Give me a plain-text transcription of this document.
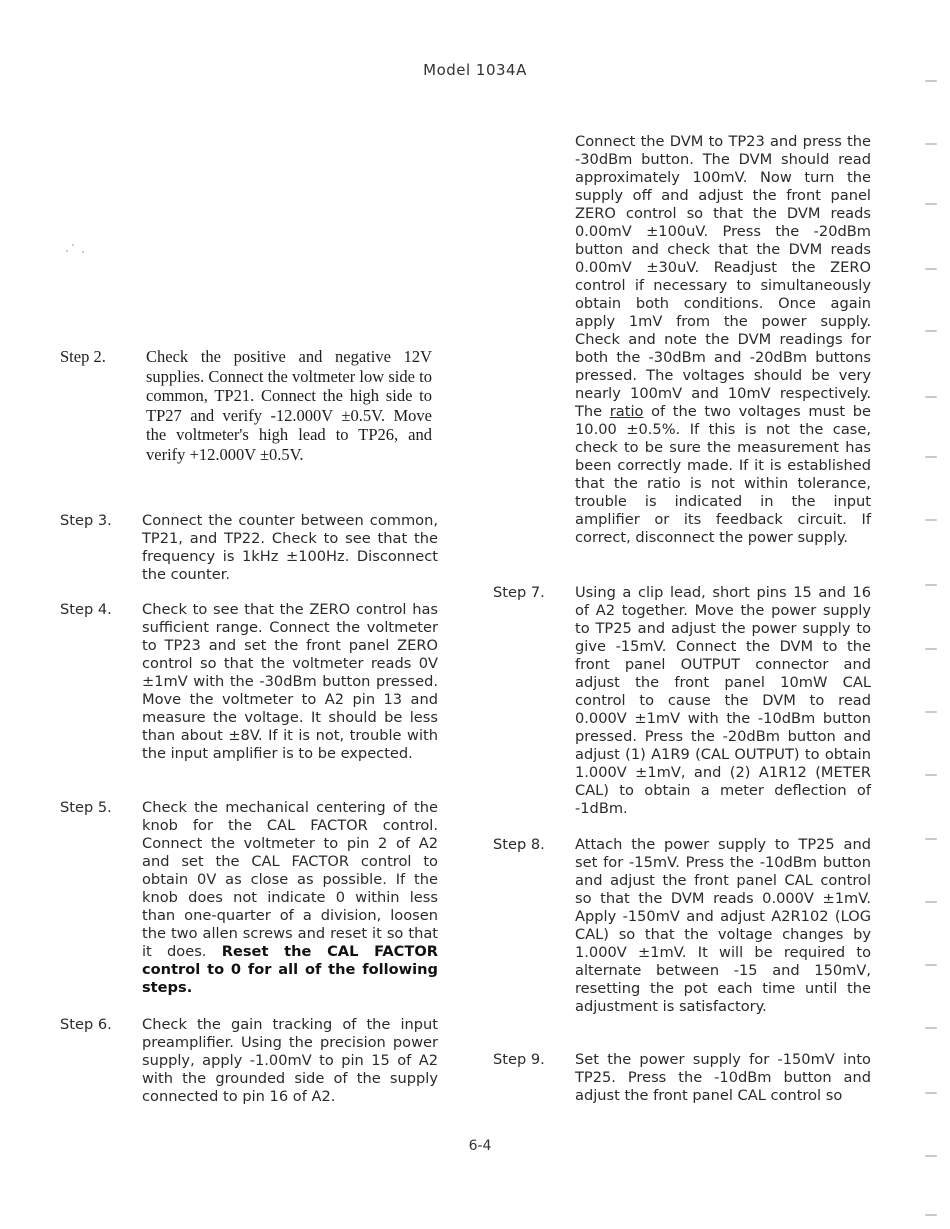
Model 1034A
Step 2. Check the positive and negative 12V supplies. Connect the voltmeter low side to common, TP21. Connect the high side to TP27 and verify -12.000V ±0.5V. Move the voltmeter's high lead to TP26, and verify +12.000V ±0.5V.
Step 3. Connect the counter between common, TP21, and TP22. Check to see that the frequency is 1kHz ±100Hz. Disconnect the counter.
Step 4. Check to see that the ZERO control has sufficient range. Connect the voltmeter to TP23 and set the front panel ZERO control so that the voltmeter reads 0V ±1mV with the -30dBm button pressed. Move the voltmeter to A2 pin 13 and measure the voltage. It should be less than about ±8V. If it is not, trouble with the input amplifier is to be expected.
Step 5. Check the mechanical centering of the knob for the CAL FACTOR control. Connect the voltmeter to pin 2 of A2 and set the CAL FACTOR control to obtain 0V as close as possible. If the knob does not indicate 0 within less than one-quarter of a division, loosen the two allen screws and reset it so that it does. Reset the CAL FACTOR control to 0 for all of the following steps.
Step 6. Check the gain tracking of the input preamplifier. Using the precision power supply, apply -1.00mV to pin 15 of A2 with the grounded side of the supply connected to pin 16 of A2.
Connect the DVM to TP23 and press the -30dBm button. The DVM should read approximately 100mV. Now turn the supply off and adjust the front panel ZERO control so that the DVM reads 0.00mV ±100uV. Press the -20dBm button and check that the DVM reads 0.00mV ±30uV. Readjust the ZERO control if necessary to simultaneously obtain both conditions. Once again apply 1mV from the power supply. Check and note the DVM readings for both the -30dBm and -20dBm buttons pressed. The voltages should be very nearly 100mV and 10mV respectively. The ratio of the two voltages must be 10.00 ±0.5%. If this is not the case, check to be sure the measurement has been correctly made. If it is established that the ratio is not within tolerance, trouble is indicated in the input amplifier or its feedback circuit. If correct, disconnect the power supply.
Step 7. Using a clip lead, short pins 15 and 16 of A2 together. Move the power supply to TP25 and adjust the power supply to give -15mV. Connect the DVM to the front panel OUTPUT connector and adjust the front panel 10mW CAL control to cause the DVM to read 0.000V ±1mV with the -10dBm button pressed. Press the -20dBm button and adjust (1) A1R9 (CAL OUTPUT) to obtain 1.000V ±1mV, and (2) A1R12 (METER CAL) to obtain a meter deflection of -1dBm.
Step 8. Attach the power supply to TP25 and set for -15mV. Press the -10dBm button and adjust the front panel CAL control so that the DVM reads 0.000V ±1mV. Apply -150mV and adjust A2R102 (LOG CAL) so that the voltage changes by 1.000V ±1mV. It will be required to alternate between -15 and 150mV, resetting the pot each time until the adjustment is satisfactory.
Step 9. Set the power supply for -150mV into TP25. Press the -10dBm button and adjust the front panel CAL control so
6-4
